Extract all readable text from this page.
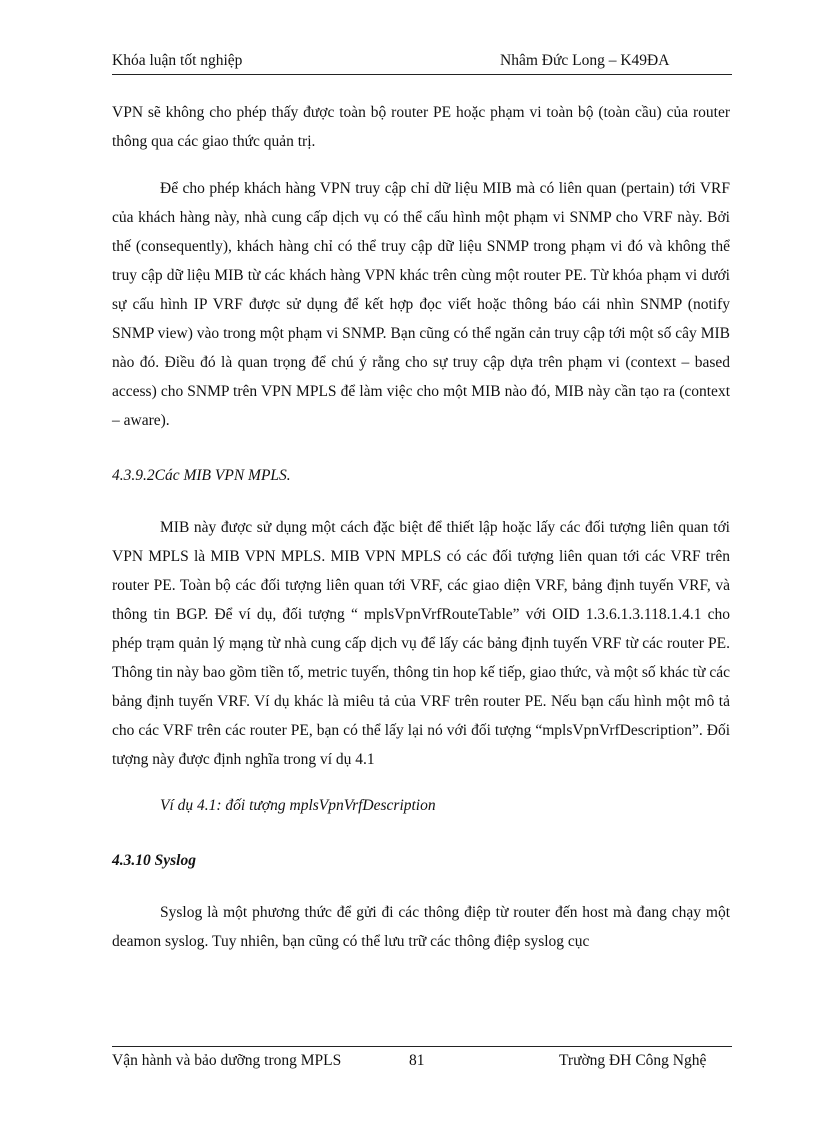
Khóa luận tốt nghiệp	Nhâm Đức Long – K49ĐA

VPN sẽ không cho phép thấy được toàn bộ router PE hoặc phạm vi toàn bộ (toàn cầu) của router thông qua các giao thức quản trị.

Để cho phép khách hàng VPN truy cập chỉ dữ liệu MIB mà có liên quan (pertain) tới VRF của khách hàng này, nhà cung cấp dịch vụ có thể cấu hình một phạm vi SNMP cho VRF này. Bởi thế (consequently), khách hàng chỉ có thể truy cập dữ liệu SNMP trong phạm vi đó và không thể truy cập dữ liệu MIB từ các khách hàng VPN khác trên cùng một router PE. Từ khóa phạm vi dưới sự cấu hình IP VRF được sử dụng để kết hợp đọc viết hoặc thông báo cái nhìn SNMP (notify SNMP view) vào trong một phạm vi SNMP. Bạn cũng có thể ngăn cản truy cập tới một số cây MIB nào đó. Điều đó là quan trọng để chú ý rằng cho sự truy cập dựa trên phạm vi (context – based access) cho SNMP trên VPN MPLS để làm việc cho một MIB nào đó, MIB này cần tạo ra (context – aware).

4.3.9.2Các MIB VPN MPLS.

MIB này được sử dụng một cách đặc biệt để thiết lập hoặc lấy các đối tượng liên quan tới VPN MPLS là MIB VPN MPLS. MIB VPN MPLS có các đối tượng liên quan tới các VRF trên router PE. Toàn bộ các đối tượng liên quan tới VRF, các giao diện VRF, bảng định tuyến VRF, và thông tin BGP. Để ví dụ, đối tượng “ mplsVpnVrfRouteTable” với OID 1.3.6.1.3.118.1.4.1 cho phép trạm quản lý mạng từ nhà cung cấp dịch vụ để lấy các bảng định tuyến VRF từ các router PE. Thông tin này bao gồm tiền tố, metric tuyến, thông tin hop kế tiếp, giao thức, và một số khác từ các bảng định tuyến VRF. Ví dụ khác là miêu tả của VRF trên router PE. Nếu bạn cấu hình một mô tả cho các VRF trên các router PE, bạn có thể lấy lại nó với đối tượng “mplsVpnVrfDescription”. Đối tượng này được định nghĩa trong ví dụ 4.1

Ví dụ 4.1: đối tượng mplsVpnVrfDescription

4.3.10 Syslog

Syslog là một phương thức để gửi đi các thông điệp từ router đến host mà đang chạy một deamon syslog. Tuy nhiên, bạn cũng có thể lưu trữ các thông điệp syslog cục

Vận hành và bảo dưỡng trong MPLS	81	Trường ĐH Công Nghệ
